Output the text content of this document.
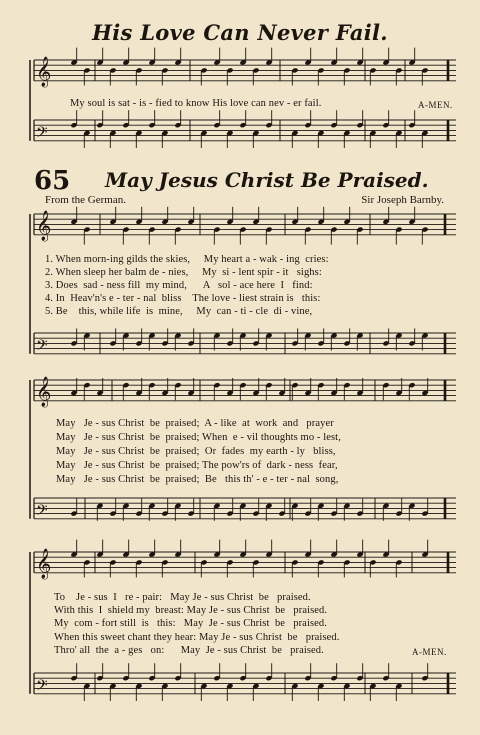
𝄞
𝄢
𝄞
𝄢
𝄞
𝄢
𝄞
𝄢
His Love Can Never Fail.
My soul is sat - is - fied to know His love can nev - er fail.	A-MEN.
65 May Jesus Christ Be Praised.
From the German.	Sir Joseph Barnby.
1. When morn-ing gilds the skies,     My heart a - wak - ing  cries:
2. When sleep her balm de - nies,     My  si - lent spir - it   sighs:
3. Does  sad - ness fill  my mind,      A   sol - ace here  I   find:
4. In  Heav'n's e - ter - nal  bliss    The love - liest strain is   this:
5. Be    this, while life  is  mine,     My  can - ti - cle  di - vine,
May   Je - sus Christ  be  praised;  A - like  at  work  and   prayer
May   Je - sus Christ  be  praised; When  e - vil thoughts mo - lest,
May   Je - sus Christ  be  praised;  Or  fades  my earth - ly   bliss,
May   Je - sus Christ  be  praised; The pow'rs of  dark - ness  fear,
May   Je - sus Christ  be  praised;  Be   this th' - e - ter - nal  song,
To    Je - sus  I   re - pair:   May Je - sus Christ  be   praised.
With this  I  shield my  breast: May Je - sus Christ  be   praised.
My  com - fort still  is   this:   May  Je - sus Christ  be   praised.
When this sweet chant they hear: May Je - sus Christ  be   praised.
Thro' all  the  a - ges   on:      May  Je - sus Christ  be   praised.	A-MEN.
